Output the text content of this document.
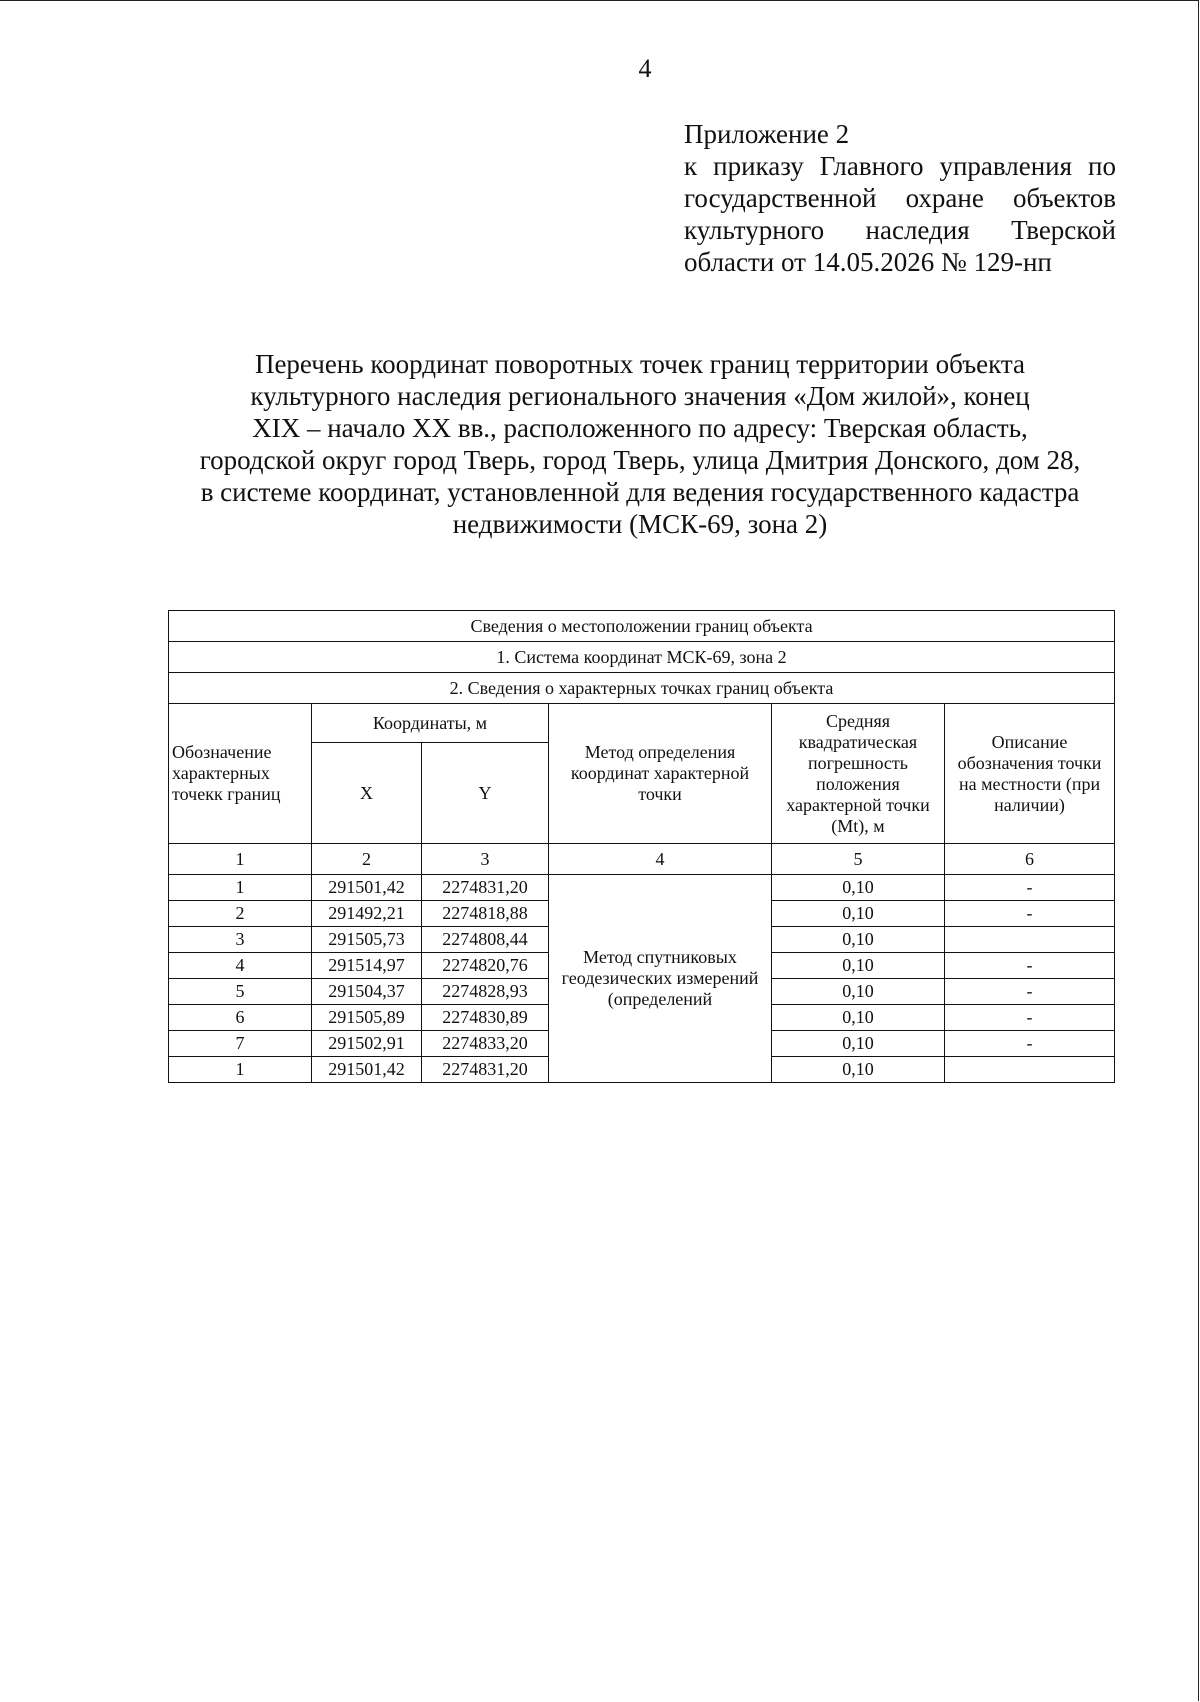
4
Приложение 2
к приказу Главного управления по
государственной охране объектов
культурного наследия Тверской
области от 14.05.2026 № 129-нп
Перечень координат поворотных точек границ территории объекта
культурного наследия регионального значения «Дом жилой», конец
XIX – начало XX вв., расположенного по адресу: Тверская область,
городской округ город Тверь, город Тверь, улица Дмитрия Донского, дом 28,
в системе координат, установленной для ведения государственного кадастра
недвижимости (МСК-69, зона 2)
Сведения о местоположении границ объекта					
1. Система координат МСК-69, зона 2					
2. Сведения о характерных точках границ объекта					
Обозначение характерных точекк границ	Координаты, м		Метод определения координат характерной точки	Средняя квадратическая погрешность положения характерной точки (Mt), м	Описание обозначения точки на местности (при наличии)
	X	Y			
1	2	3	4	5	6
1	291501,42	2274831,20	Метод спутниковых геодезических измерений (определений	0,10	-
2	291492,21	2274818,88		0,10	-
3	291505,73	2274808,44		0,10	
4	291514,97	2274820,76		0,10	-
5	291504,37	2274828,93		0,10	-
6	291505,89	2274830,89		0,10	-
7	291502,91	2274833,20		0,10	-
1	291501,42	2274831,20		0,10	
